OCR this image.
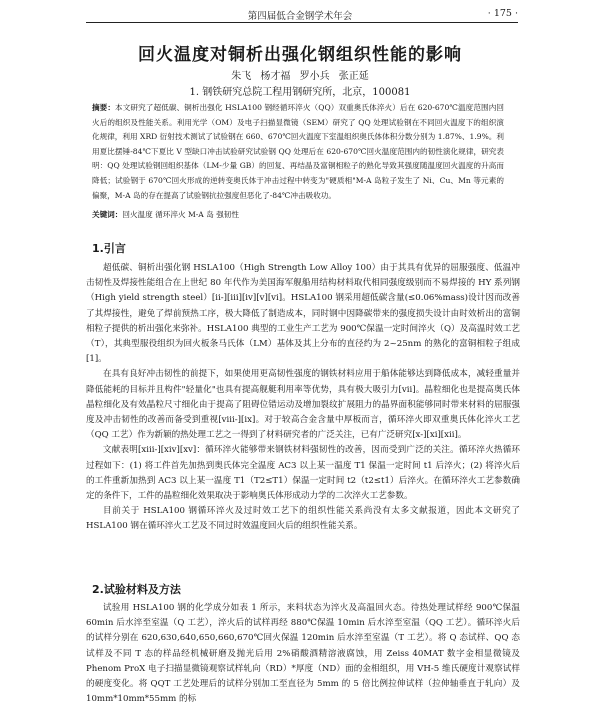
第四届低合金钢学术年会	· 175 ·
回火温度对铜析出强化钢组织性能的影响
朱飞 杨才福 罗小兵 张正延
1. 钢铁研究总院工程用钢研究所，北京，100081
摘要：本文研究了超低碳、铜析出强化 HSLA100 钢经循环淬火（QQ）双重奥氏体淬火）后在 620-670℃温度范围内回火后的组织及性能关系。利用光学（OM）及电子扫描显微镜（SEM）研究了 QQ 处理试验钢在不同回火温度下的组织演化规律，利用 XRD 衍射技术测试了试验钢在 660、670℃回火温度下室温组织奥氏体体积分数分别为 1.87%、1.9%。利用夏比摆锤-84℃下夏比 V 型缺口冲击试验研究试验钢 QQ 处理后在 620-670℃回火温度范围内的韧性演化规律，研究表明：QQ 处理试验钢回组织基体（LM-少量 GB）的回复、再结晶及富铜相粒子的熟化导致其强度随温度回火温度的升高而降低；试验钢于 670℃回火形成的逆转变奥氏体于冲击过程中转变为"硬质相"M-A 岛粒子发生了 Ni、Cu、Mn 等元素的偏聚，M-A 岛的存在提高了试验钢抗拉强度但恶化了-84℃冲击吸收功。
关键词：回火温度 循环淬火 M-A 岛 强韧性
1.引言

超低碳、铜析出强化钢 HSLA100（High Strength Low Alloy 100）由于其具有优异的屈服强度、低温冲击韧性及焊接性能组合在上世纪 80 年代作为美国海军舰船用结构材料取代相同强度级别而不易焊接的 HY 系列钢（High yield strength steel）[ii-][iii][iv][v][vi]。HSLA100 钢采用超低碳含量(≤0.06%mass)设计因而改善了其焊接性，避免了焊前预热工序，极大降低了制造成本，同时钢中因降碳带来的强度损失设计由时效析出的富铜相粒子提供的析出强化来弥补。HSLA100 典型的工业生产工艺为 900℃保温一定时间淬火（Q）及高温时效工艺（T），其典型服役组织为回火板条马氏体（LM）基体及其上分布的直径约为 2~25nm 的熟化的富铜相粒子组成[1]。

在具有良好冲击韧性的前提下，如果使用更高韧性强度的钢铁材料应用于船体能够达到降低成本，减轻重量并降低能耗的目标并且构件"轻量化"也具有提高舰艇利用率等优势，具有极大吸引力[vii]。晶粒细化也是提高奥氏体晶粒细化及有效晶粒尺寸细化由于提高了阻碍位错运动及增加裂纹扩展阻力的晶界面积能够同时带来材料的屈服强度及冲击韧性的改善而备受到重视[viii-][ix]。对于较高合金含量中厚板而言，循环淬火即双重奥氏体化淬火工艺（QQ 工艺）作为新颖的热处理工艺之一得到了材料研究者的广泛关注，已有广泛研究[x-][xi][xii]。

文献表明[xiii-][xiv][xv]：循环淬火能够带来钢铁材料强韧性的改善，因而受到广泛的关注。循环淬火热循环过程如下：(1) 将工件首先加热到奥氏体完全温度 AC3 以上某一温度 T1 保温一定时间 t1 后淬火；(2) 将淬火后的工件重新加热到 AC3 以上某一温度 T1（T2≤T1）保温一定时间 t2（t2≤t1）后淬火。在循环淬火工艺参数确定的条件下，工件的晶粒细化效果取决于影响奥氏体形成动力学的二次淬火工艺参数。

目前关于 HSLA100 钢循环淬火及过时效工艺下的组织性能关系尚没有太多文献报道，因此本文研究了 HSLA100 钢在循环淬火工艺及不同过时效温度回火后的组织性能关系。

2.试验材料及方法

试验用 HSLA100 钢的化学成分如表 1 所示，来料状态为淬火及高温回火态。待热处理试样经 900℃保温 60min 后水淬至室温（Q 工艺），淬火后的试样再经 880℃保温 10min 后水淬至室温（QQ 工艺）。循环淬火后的试样分别在 620,630,640,650,660,670℃回火保温 120min 后水淬至室温（T 工艺）。将 Q 态试样、QQ 态试样及不同 T 态的样品经机械研磨及抛光后用 2%硝酸酒精溶液腐蚀，用 Zeiss 40MAT 数字金相显微镜及 Phenom ProX 电子扫描显微镜观察试样轧向（RD）*厚度（ND）面的金相组织，用 VH-5 维氏硬度计观察试样的硬度变化。将 QQT 工艺处理后的试样分别加工至直径为 5mm 的 5 倍比例拉伸试样（拉伸轴垂直于轧向）及 10mm*10mm*55mm 的标
